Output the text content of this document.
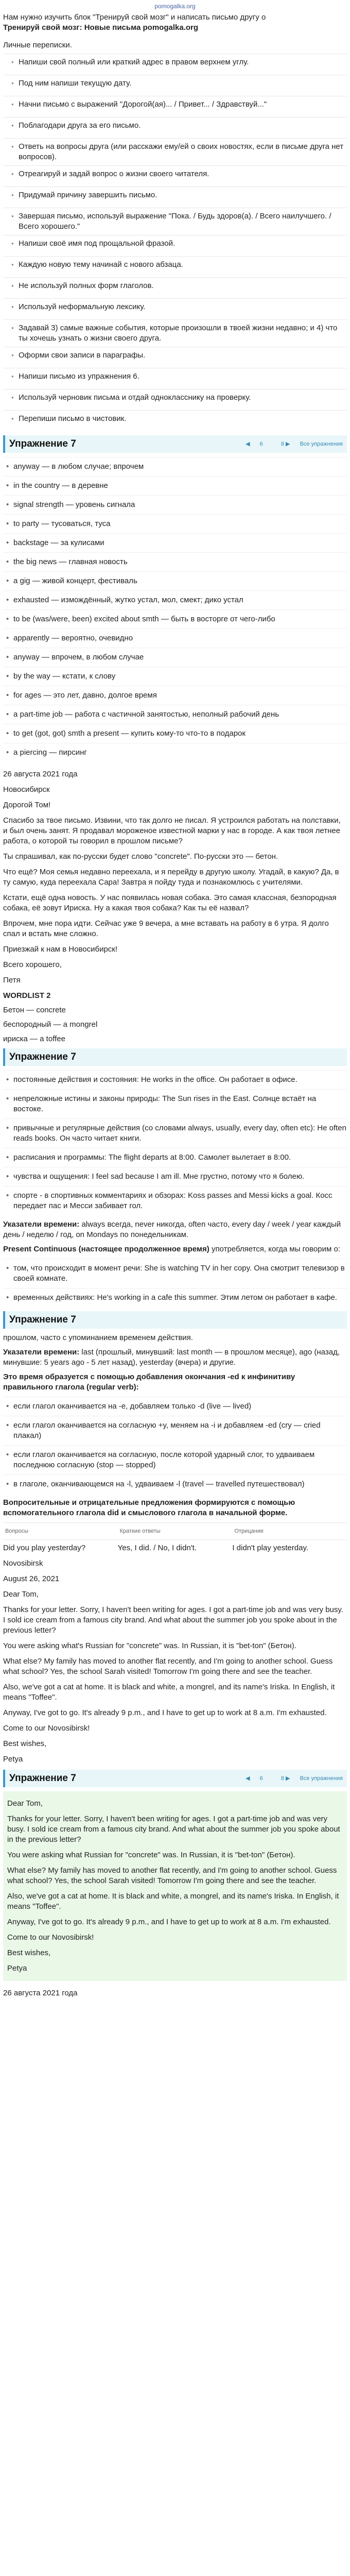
pomogalka.org
Нам нужно изучить блок "Тренируй свой мозг" и написать письмо другу о
Тренируй свой мозг: Новые письма pomogalka.org
Личные переписки.
● Напиши свой полный или краткий адрес в правом верхнем углу.
● Под ним напиши текущую дату.
● Начни письмо с выражений "Дорогой(ая)... / Привет... / Здравствуй..."
● Поблагодари друга за его письмо.
● Ответь на вопросы друга (или расскажи ему/ей о своих новостях, если в письме друга нет вопросов).
● Отреагируй и задай вопрос о жизни своего читателя.
● Придумай причину завершить письмо.
● Завершая письмо, используй выражение "Пока. / Будь здоров(а). / Всего наилучшего. / Всего хорошего."
● Напиши своё имя под прощальной фразой.
● Каждую новую тему начинай с нового абзаца.
● Не используй полных форм глаголов.
● Используй неформальную лексику.
● Задавай 3) самые важные события, которые произошли в твоей жизни недавно; и 4) что ты хочешь узнать о жизни своего друга.
● Оформи свои записи в параграфы.
● Напиши письмо из упражнения 6.
● Используй черновик письма и отдай однокласснику на проверку.
● Перепиши письмо в чистовик.
Упражнение 7	◀ 6	8 ▶ Все упражнения
• anyway — в любом случае; впрочем
• in the country — в деревне
• signal strength — уровень сигнала
• to party — тусоваться, туса
• backstage — за кулисами
• the big news — главная новость
• a gig — живой концерт, фестиваль
• exhausted — измождённый, жутко устал, мол, смект; дико устал
• to be (was/were, been) excited about smth — быть в восторге от чего-либо
• apparently — вероятно, очевидно
• anyway — впрочем, в любом случае
• by the way — кстати, к слову
• for ages — это лет, давно, долгое время
• a part-time job — работа с частичной занятостью, неполный рабочий день
• to get (got, got) smth a present — купить кому-то что-то в подарок
• a piercing — пирсинг
26 августа 2021 года

Новосибирск

Дорогой Том!

Спасибо за твое письмо. Извини, что так долго не писал. Я устроился работать на полставки, и был очень занят. Я продавал мороженое известной марки у нас в городе. А как твоя летнее работа, о которой ты говорил в прошлом письме?

Ты спрашивал, как по-русски будет слово "concrete". По-русски это — бетон.

Что ещё? Моя семья недавно переехала, и я перейду в другую школу. Угадай, в какую? Да, в ту самую, куда переехала Сара! Завтра я пойду туда и познакомлюсь с учителями.

Кстати, ещё одна новость. У нас появилась новая собака. Это самая классная, безпородная собака, её зовут Ириска. Ну а какая твоя собака? Как ты её назвал?

Впрочем, мне пора идти. Сейчас уже 9 вечера, а мне вставать на работу в 6 утра. Я долго спал и встать мне сложно.

Приезжай к нам в Новосибирск!

Всего хорошего,

Петя

WORDLIST 2
Бетон — concrete
беспородный — a mongrel
ириска — a toffee
Упражнение 7
• постоянные действия и состояния: He works in the office. Он работает в офисе.
• непреложные истины и законы природы: The Sun rises in the East. Солнце встаёт на востоке.
• привычные и регулярные действия (со словами always, usually, every day, often etc): He often reads books. Он часто читает книги.
• расписания и программы: The flight departs at 8:00. Самолет вылетает в 8:00.
• чувства и ощущения: I feel sad because I am ill. Мне грустно, потому что я болею.
• спорте - в спортивных комментариях и обзорах: Koss passes and Messi kicks a goal. Косс передает пас и Месси забивает гол.
Указатели времени: always всегда, never никогда, often часто, every day / week / year каждый день / неделю / год, on Mondays по понедельникам.
Present Continuous (настоящее продолженное время) употребляется, когда мы говорим о:
• том, что происходит в момент речи: She is watching TV in her copy. Она смотрит телевизор в своей комнате.
• временных действиях: He's working in a cafe this summer. Этим летом он работает в кафе.
Упражнение 7
прошлом, часто с упоминанием временем действия.
Указатели времени: last (прошлый, минувший: last month — в прошлом месяце), ago (назад, минувшие: 5 years ago - 5 лет назад), yesterday (вчера) и другие.
Это время образуется с помощью добавления окончания -ed к инфинитиву правильного глагола (regular verb):
• если глагол оканчивается на -e, добавляем только -d (live — lived)
• если глагол оканчивается на согласную +y, меняем на -i и добавляем -ed (cry — cried плакал)
• если глагол оканчивается на согласную, после которой ударный слог, то удваиваем последнюю согласную (stop — stopped)
• в глаголе, оканчивающемся на -l, удваиваем -l (travel — travelled путешествовал)
Вопросительные и отрицательные предложения формируются с помощью вспомогательного глагола did и смыслового глагола в начальной форме.
Вопросы	Краткие ответы	Отрицание
Did you play yesterday?	Yes, I did. / No, I didn't.	I didn't play yesterday.

Novosibirsk

August 26, 2021

Dear Tom,

Thanks for your letter. Sorry, I haven't been writing for ages. I got a part-time job and was very busy. I sold ice cream from a famous city brand. And what about the summer job you spoke about in the previous letter?

You were asking what's Russian for "concrete" was. In Russian, it is "bet-ton" (Бетон).

What else? My family has moved to another flat recently, and I'm going to another school. Guess what school? Yes, the school Sarah visited! Tomorrow I'm going there and see the teacher.

Also, we've got a cat at home. It is black and white, a mongrel, and its name's Iriska. In English, it means "Toffee".

Anyway, I've got to go. It's already 9 p.m., and I have to get up to work at 8 a.m. I'm exhausted.

Come to our Novosibirsk!

Best wishes,

Petya

Упражнение 7	◀ 6	8 ▶ Все упражнения

Dear Tom,

Thanks for your letter. Sorry, I haven't been writing for ages. I got a part-time job and was very busy. I sold ice cream from a famous city brand. And what about the summer job you spoke about in the previous letter?

You were asking what Russian for "concrete" was. In Russian, it is "bet-ton" (Бетон).

What else? My family has moved to another flat recently, and I'm going to another school. Guess what school? Yes, the school Sarah visited! Tomorrow I'm going there and see the teacher.

Also, we've got a cat at home. It is black and white, a mongrel, and its name's Iriska. In English, it means "Toffee".

Anyway, I've got to go. It's already 9 p.m., and I have to get up to work at 8 a.m. I'm exhausted.

Come to our Novosibirsk!

Best wishes,

Petya

26 августа 2021 года
